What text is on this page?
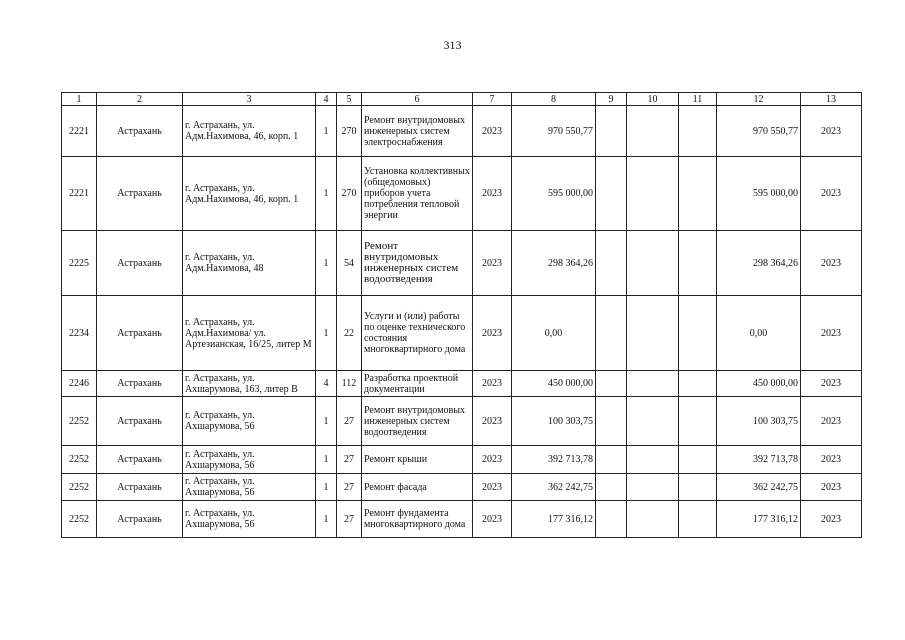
313
1	2	3	4	5	6	7	8	9	10	11	12	13
2221	Астрахань	г. Астрахань, ул. Адм.Нахимова, 46, корп. 1	1	270	Ремонт внутридомовых инженерных систем электроснабжения	2023	970 550,77				970 550,77	2023
2221	Астрахань	г. Астрахань, ул. Адм.Нахимова, 46, корп. 1	1	270	Установка коллективных (общедомовых) приборов учета потребления тепловой энергии	2023	595 000,00				595 000,00	2023
2225	Астрахань	г. Астрахань, ул. Адм.Нахимова, 48	1	54	Ремонт внутридомовых инженерных систем водоотведения	2023	298 364,26				298 364,26	2023
2234	Астрахань	г. Астрахань, ул. Адм.Нахимова/ ул. Артезианская, 16/25, литер М	1	22	Услуги и (или) работы по оценке технического состояния многоквартирного дома	2023	0,00				0,00	2023
2246	Астрахань	г. Астрахань, ул. Ахшарумова, 163, литер В	4	112	Разработка проектной документации	2023	450 000,00				450 000,00	2023
2252	Астрахань	г. Астрахань, ул. Ахшарумова, 56	1	27	Ремонт внутридомовых инженерных систем водоотведения	2023	100 303,75				100 303,75	2023
2252	Астрахань	г. Астрахань, ул. Ахшарумова, 56	1	27	Ремонт крыши	2023	392 713,78				392 713,78	2023
2252	Астрахань	г. Астрахань, ул. Ахшарумова, 56	1	27	Ремонт фасада	2023	362 242,75				362 242,75	2023
2252	Астрахань	г. Астрахань, ул. Ахшарумова, 56	1	27	Ремонт фундамента многоквартирного дома	2023	177 316,12				177 316,12	2023
